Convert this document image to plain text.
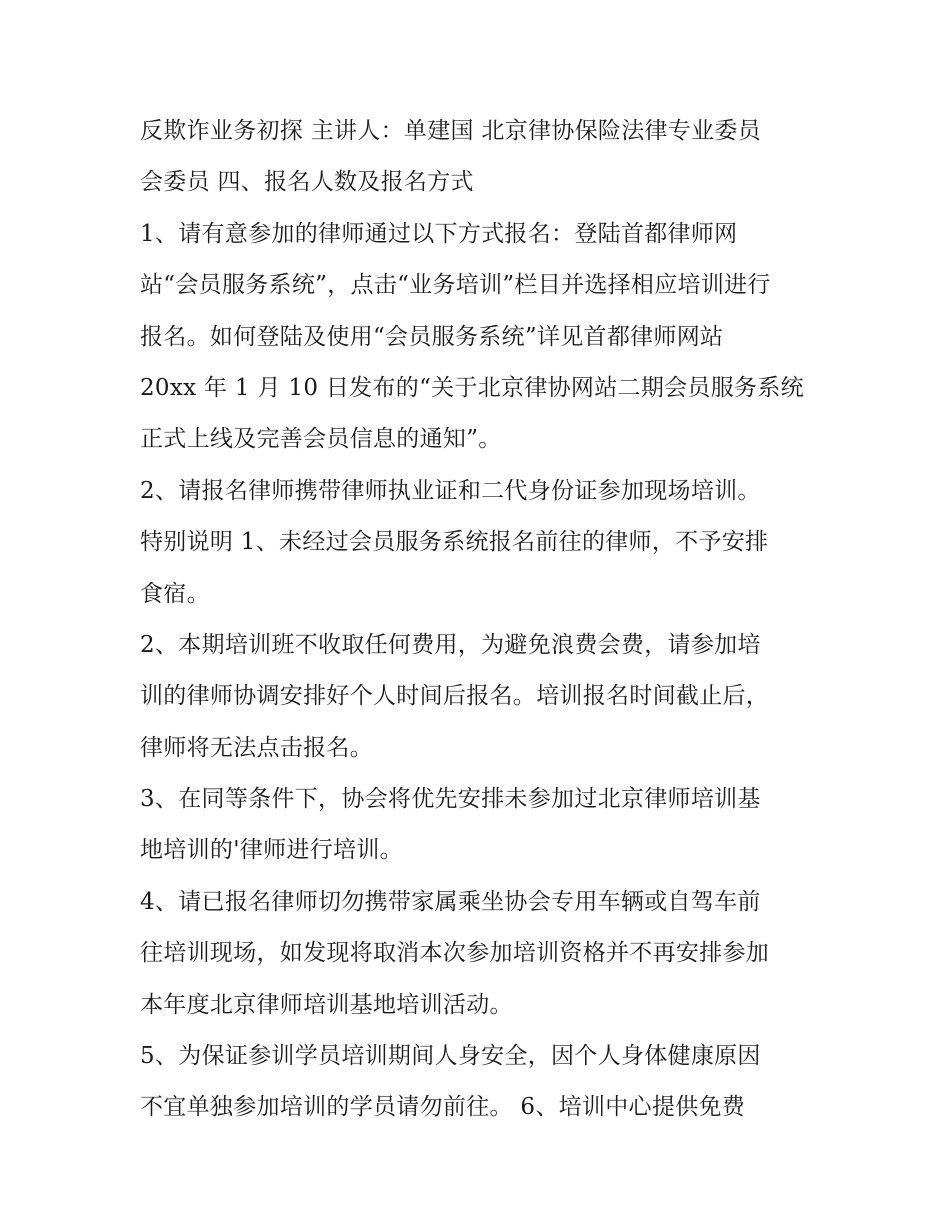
反欺诈业务初探 主讲人：单建国 北京律协保险法律专业委员
会委员 四、报名人数及报名方式
1、请有意参加的律师通过以下方式报名：登陆首都律师网
站“会员服务系统”，点击“业务培训”栏目并选择相应培训进行
报名。如何登陆及使用“会员服务系统”详见首都律师网站
20xx 年 1 月 10 日发布的“关于北京律协网站二期会员服务系统
正式上线及完善会员信息的通知”。
2、请报名律师携带律师执业证和二代身份证参加现场培训。
特别说明 1、未经过会员服务系统报名前往的律师，不予安排
食宿。
2、本期培训班不收取任何费用，为避免浪费会费，请参加培
训的律师协调安排好个人时间后报名。培训报名时间截止后，
律师将无法点击报名。
3、在同等条件下，协会将优先安排未参加过北京律师培训基
地培训的'律师进行培训。
4、请已报名律师切勿携带家属乘坐协会专用车辆或自驾车前
往培训现场，如发现将取消本次参加培训资格并不再安排参加
本年度北京律师培训基地培训活动。
5、为保证参训学员培训期间人身安全，因个人身体健康原因
不宜单独参加培训的学员请勿前往。 6、培训中心提供免费
